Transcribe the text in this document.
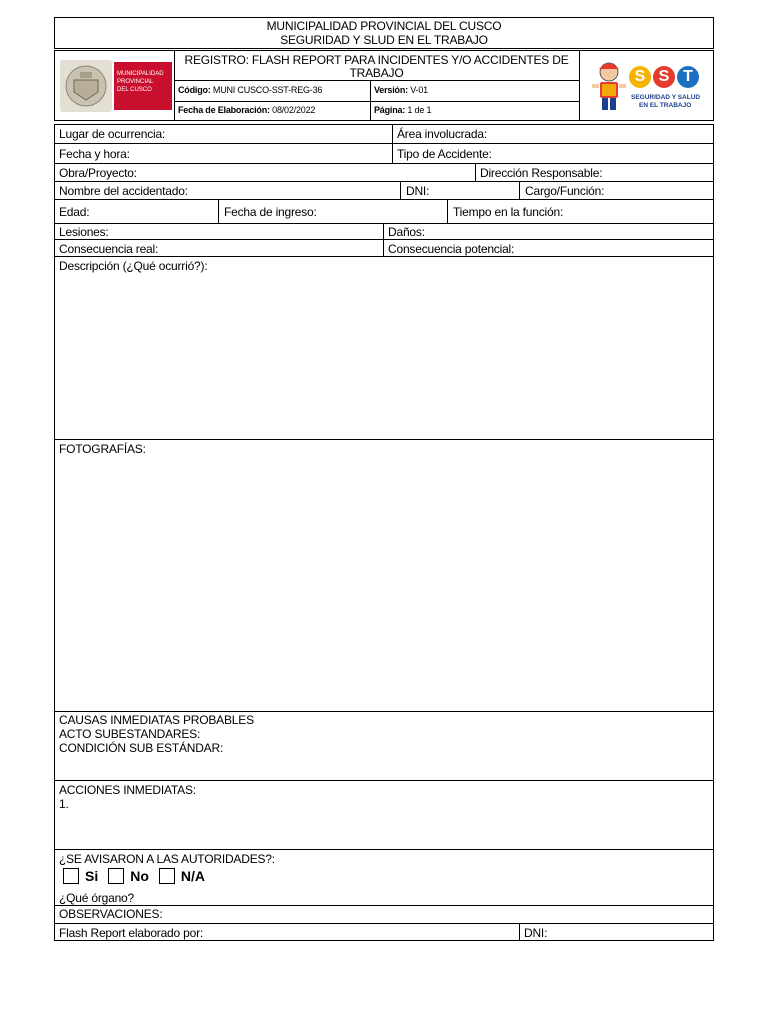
MUNICIPALIDAD PROVINCIAL DEL CUSCO
SEGURIDAD Y SLUD EN EL TRABAJO
MUNICIPALIDAD
PROVINCIAL
DEL CUSCO
REGISTRO: FLASH REPORT PARA INCIDENTES Y/O ACCIDENTES DE
TRABAJO
Código: MUNI CUSCO-SST-REG-36	Versión: V-01
Fecha de Elaboración: 08/02/2022	Página: 1 de 1
S S T
SEGURIDAD Y SALUD
EN EL TRABAJO
Lugar de ocurrencia:	Área involucrada:
Fecha y hora:	Tipo de Accidente:
Obra/Proyecto:	Dirección Responsable:
Nombre del accidentado:	DNI:	Cargo/Función:
Edad:	Fecha de ingreso:	Tiempo en la función:
Lesiones:	Daños:
Consecuencia real:	Consecuencia potencial:
Descripción (¿Qué ocurrió?):
FOTOGRAFÍAS:
CAUSAS INMEDIATAS PROBABLES
ACTO SUBESTANDARES:
CONDICIÓN SUB ESTÁNDAR:
ACCIONES INMEDIATAS:
1.
¿SE AVISARON A LAS AUTORIDADES?:
Si No N/A
¿Qué órgano?
OBSERVACIONES:
Flash Report elaborado por:	DNI:
